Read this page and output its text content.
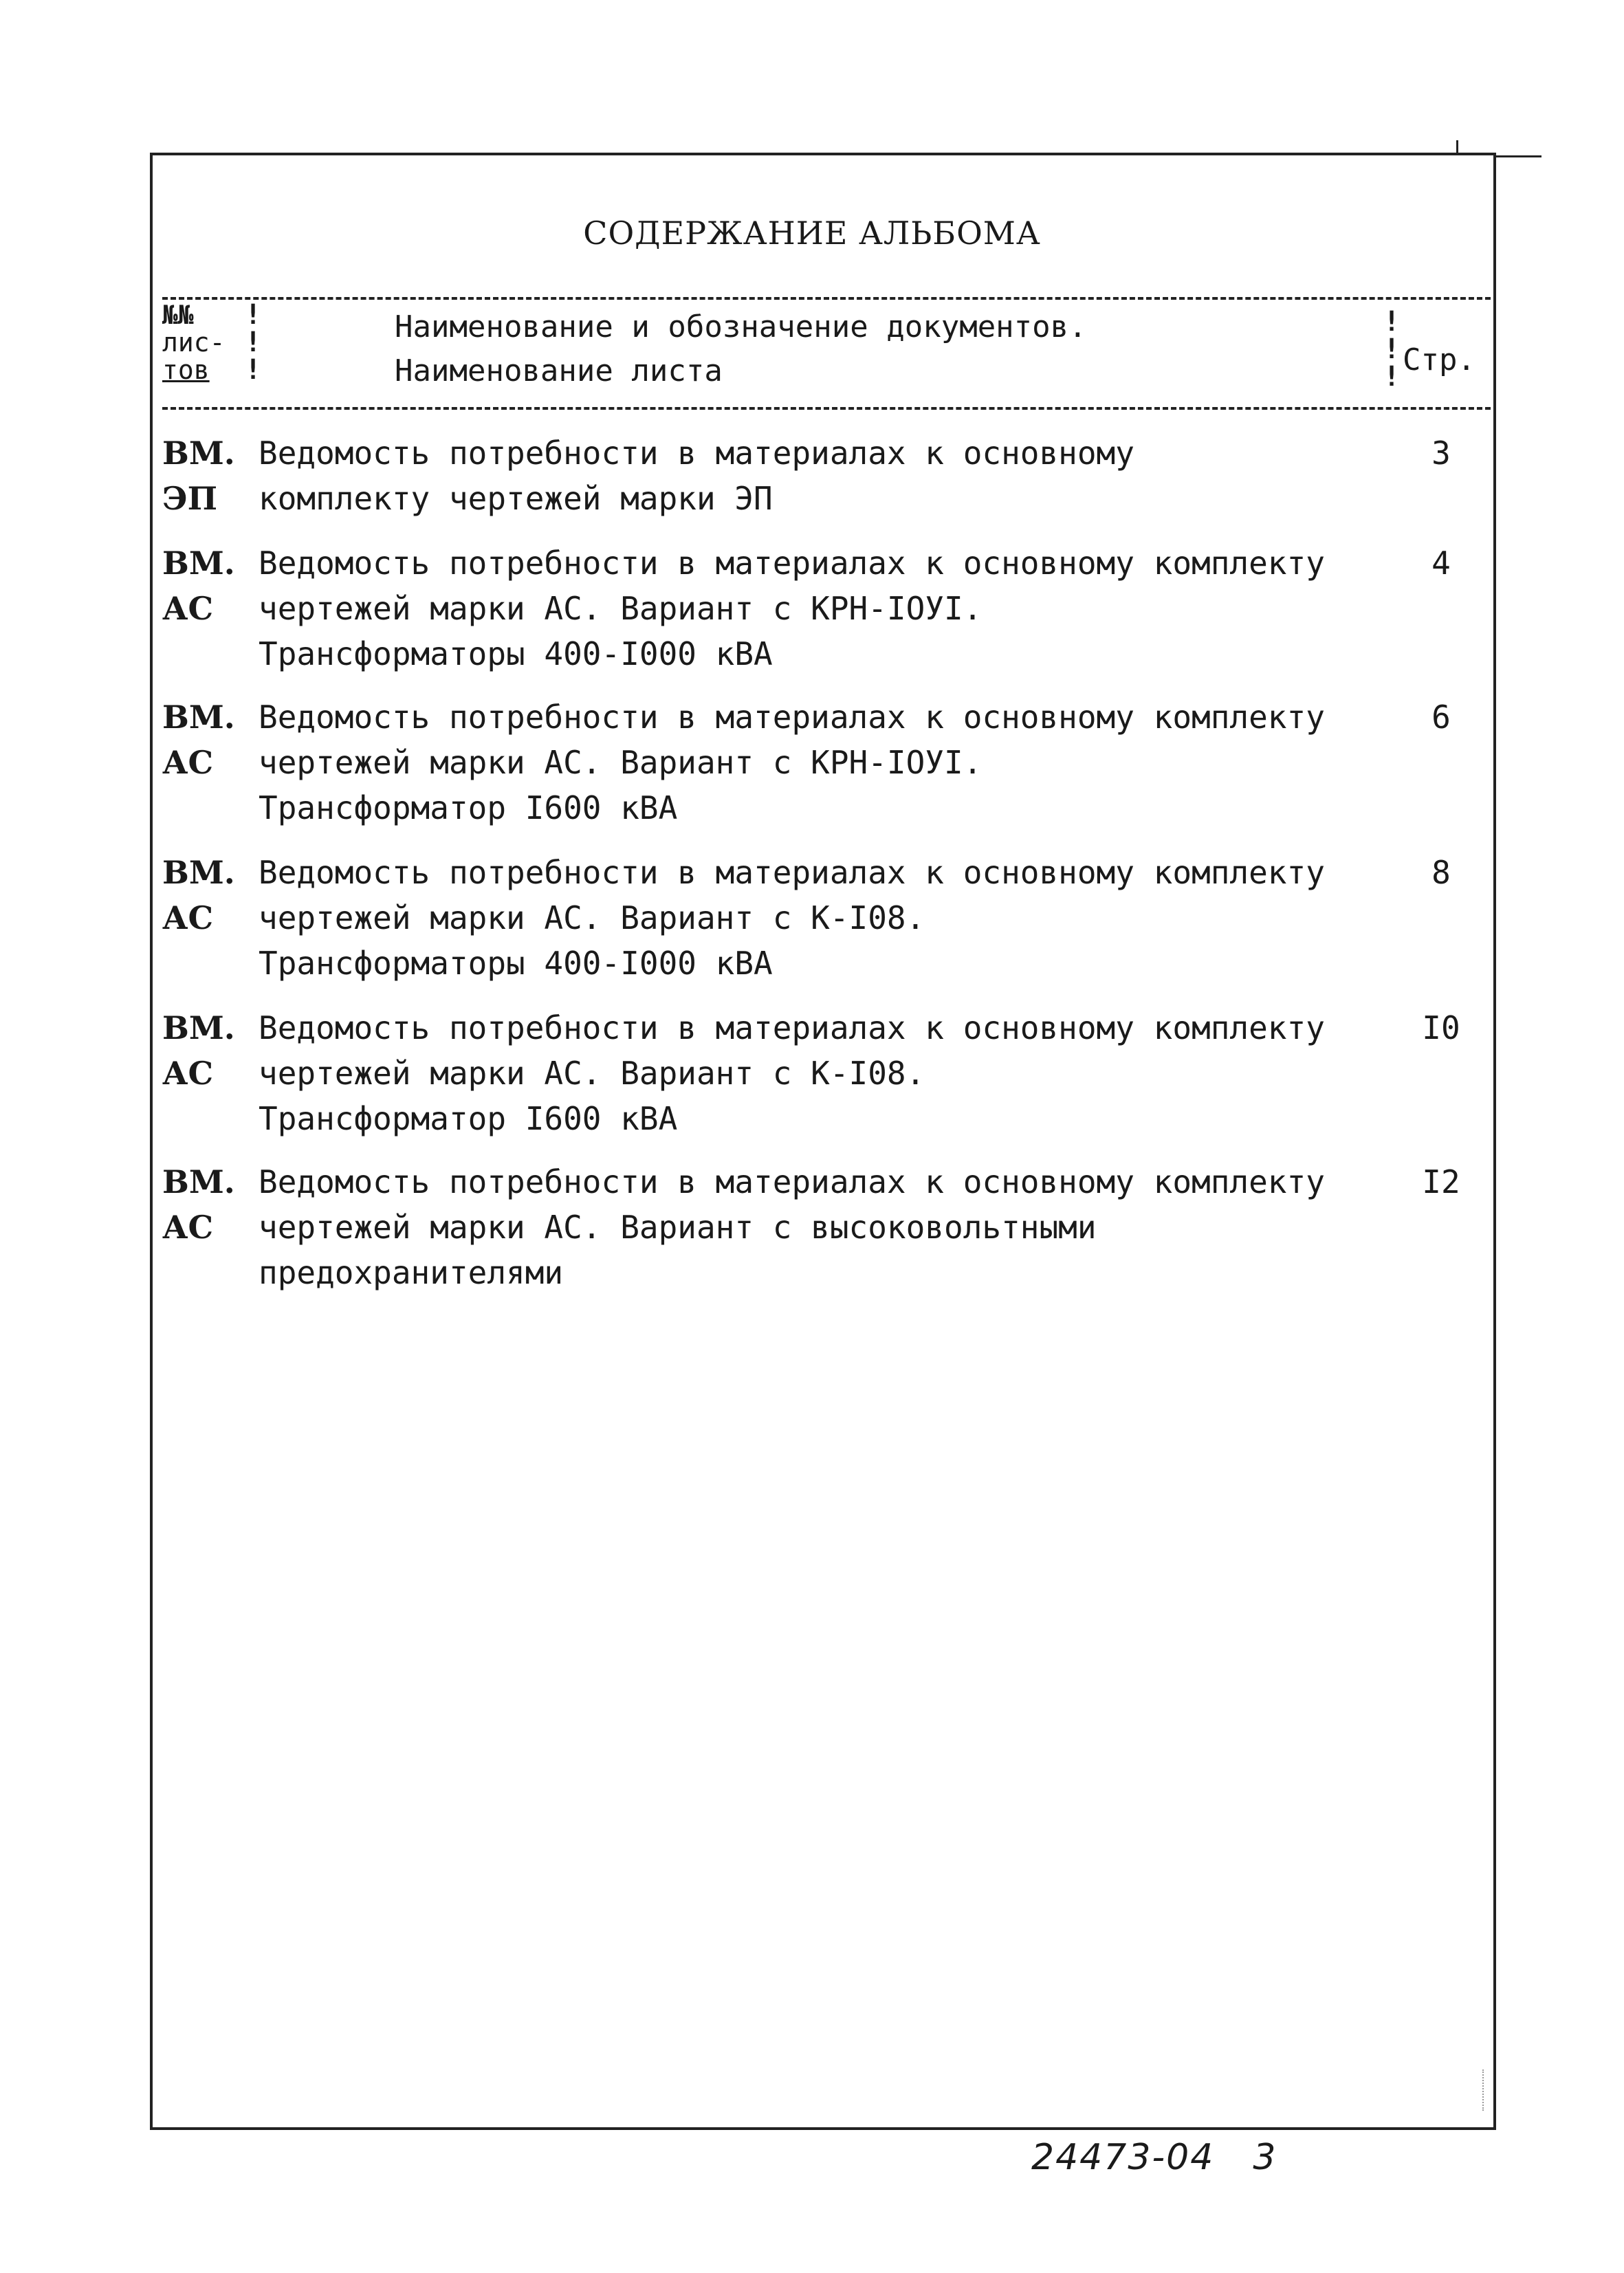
СОДЕРЖАНИЕ АЛЬБОМА
№№
лис-
тов
!
!
!
Наименование и обозначение документов.
Наименование листа
!
!
! Стр.
ВМ.
ЭП
Ведомость потребности в материалах к основному
комплекту чертежей марки ЭП
3
ВМ.
АС
Ведомость потребности в материалах к основному комплекту
чертежей марки АС. Вариант с КРН-IОУI.
Трансформаторы 400-I000 кВА
4
ВМ.
АС
Ведомость потребности в материалах к основному комплекту
чертежей марки АС. Вариант с КРН-IОУI.
Трансформатор I600 кВА
6
ВМ.
АС
Ведомость потребности в материалах к основному комплекту
чертежей марки АС. Вариант с К-I08.
Трансформаторы 400-I000 кВА
8
ВМ.
АС
Ведомость потребности в материалах к основному комплекту
чертежей марки АС. Вариант с К-I08.
Трансформатор I600 кВА
I0
ВМ.
АС
Ведомость потребности в материалах к основному комплекту
чертежей марки АС. Вариант с высоковольтными
предохранителями
I2
24473-04 3
